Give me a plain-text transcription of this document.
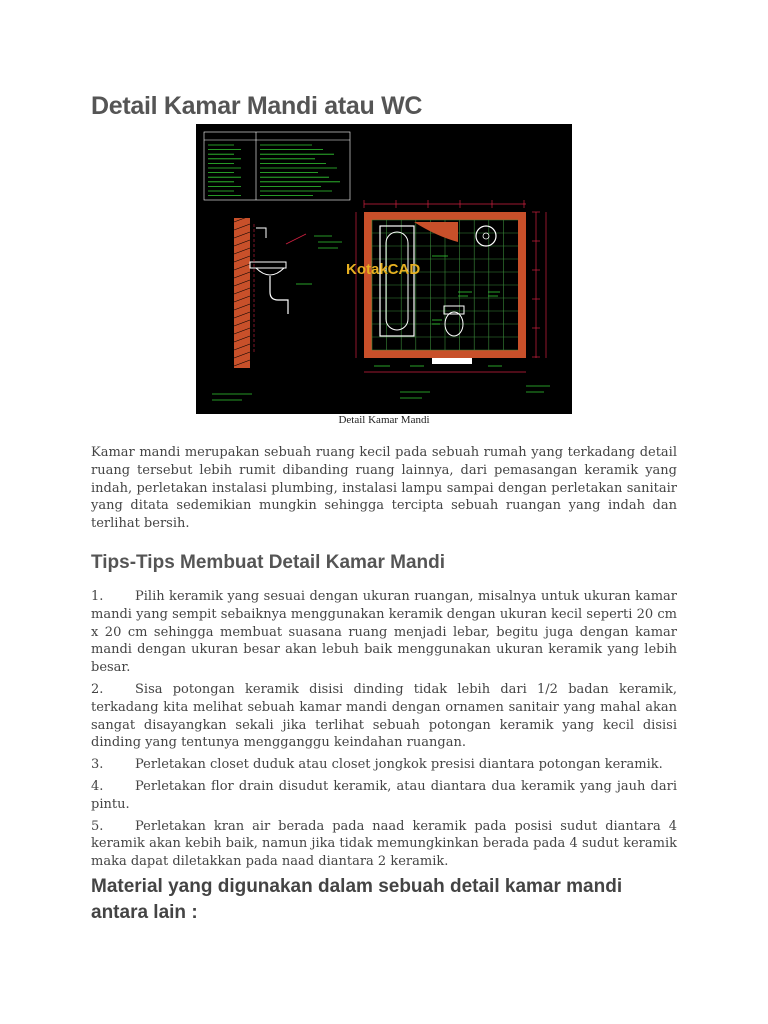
Detail Kamar Mandi atau WC
KotakCAD
Detail Kamar Mandi

Kamar mandi merupakan sebuah ruang kecil pada sebuah rumah yang terkadang detail ruang tersebut lebih rumit dibanding ruang lainnya, dari pemasangan keramik yang indah, perletakan instalasi plumbing, instalasi lampu sampai dengan perletakan sanitair yang ditata sedemikian mungkin sehingga tercipta sebuah ruangan yang indah dan terlihat bersih.

Tips-Tips Membuat Detail Kamar Mandi

1. Pilih keramik yang sesuai dengan ukuran ruangan, misalnya untuk ukuran kamar mandi yang sempit sebaiknya menggunakan keramik dengan ukuran kecil seperti 20 cm x 20 cm sehingga membuat suasana ruang menjadi lebar, begitu juga dengan kamar mandi dengan ukuran besar akan lebuh baik menggunakan ukuran keramik yang lebih besar.

2. Sisa potongan keramik disisi dinding tidak lebih dari 1/2 badan keramik, terkadang kita melihat sebuah kamar mandi dengan ornamen sanitair yang mahal akan sangat disayangkan sekali jika terlihat sebuah potongan keramik yang kecil disisi dinding yang tentunya mengganggu keindahan ruangan.

3. Perletakan closet duduk atau closet jongkok presisi diantara potongan keramik.

4. Perletakan flor drain disudut keramik, atau diantara dua keramik yang jauh dari pintu.

5. Perletakan kran air berada pada naad keramik pada posisi sudut diantara 4 keramik akan kebih baik, namun jika tidak memungkinkan berada pada 4 sudut keramik maka dapat diletakkan pada naad diantara 2 keramik.

Material yang digunakan dalam sebuah detail kamar mandi antara lain :
